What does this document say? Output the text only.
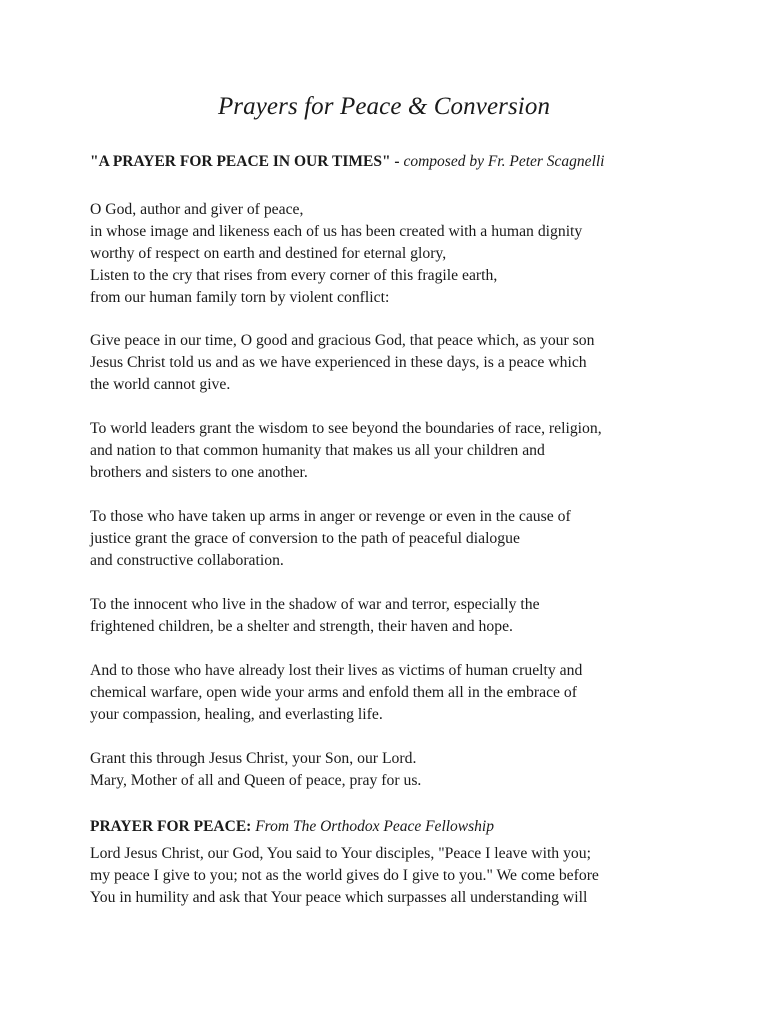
Prayers for Peace & Conversion
"A PRAYER FOR PEACE IN OUR TIMES" - composed by Fr. Peter Scagnelli
O God, author and giver of peace,
in whose image and likeness each of us has been created with a human dignity
worthy of respect on earth and destined for eternal glory,
Listen to the cry that rises from every corner of this fragile earth,
from our human family torn by violent conflict:
Give peace in our time, O good and gracious God, that peace which, as your son
Jesus Christ told us and as we have experienced in these days, is a peace which
the world cannot give.
To world leaders grant the wisdom to see beyond the boundaries of race, religion,
and nation to that common humanity that makes us all your children and
brothers and sisters to one another.
To those who have taken up arms in anger or revenge or even in the cause of
justice grant the grace of conversion to the path of peaceful dialogue
and constructive collaboration.
To the innocent who live in the shadow of war and terror, especially the
frightened children, be a shelter and strength, their haven and hope.
And to those who have already lost their lives as victims of human cruelty and
chemical warfare, open wide your arms and enfold them all in the embrace of
your compassion, healing, and everlasting life.
Grant this through Jesus Christ, your Son, our Lord.
Mary, Mother of all and Queen of peace, pray for us.
PRAYER FOR PEACE: From The Orthodox Peace Fellowship
Lord Jesus Christ, our God, You said to Your disciples, "Peace I leave with you;
my peace I give to you; not as the world gives do I give to you." We come before
You in humility and ask that Your peace which surpasses all understanding will
